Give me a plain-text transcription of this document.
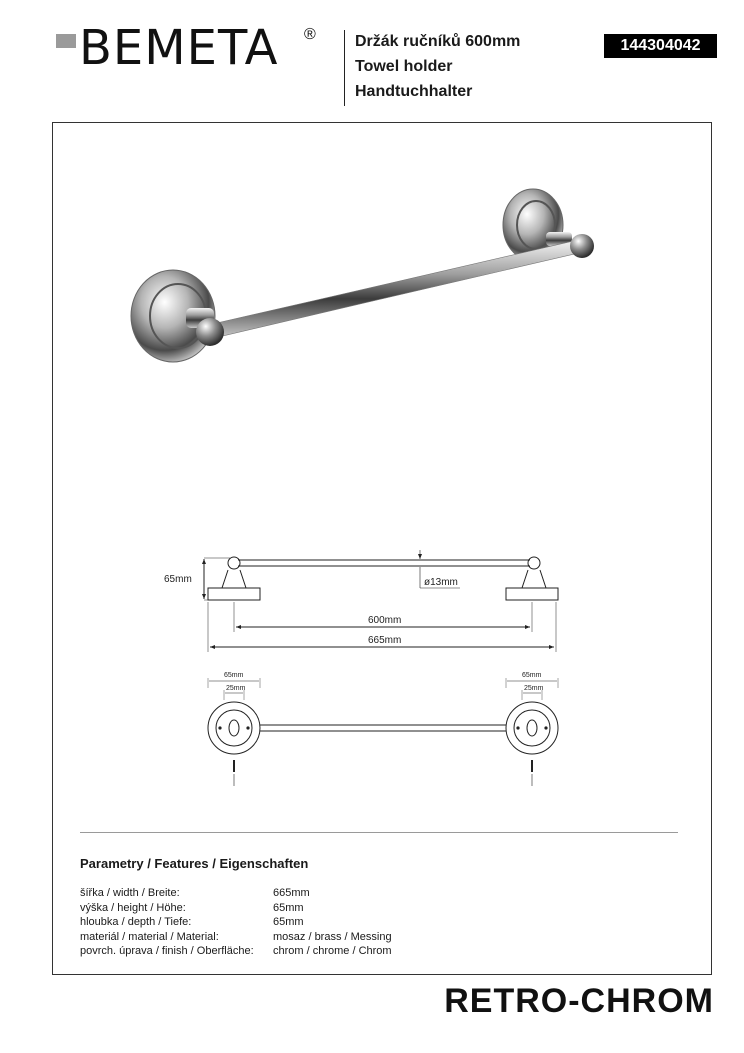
BEMETA ® Držák ručníků 600mm
Towel holder
Handtuchhalter
144304042
65mm	ø13mm
600mm
665mm
65mm
25mm
65mm
25mm
Parametry / Features / Eigenschaften
šířka / width / Breite:	665mm
výška / height / Höhe:	65mm
hloubka / depth / Tiefe:	65mm
materiál / material / Material:	mosaz / brass / Messing
povrch. úprava / finish / Oberfläche:	chrom / chrome / Chrom
RETRO-CHROM
